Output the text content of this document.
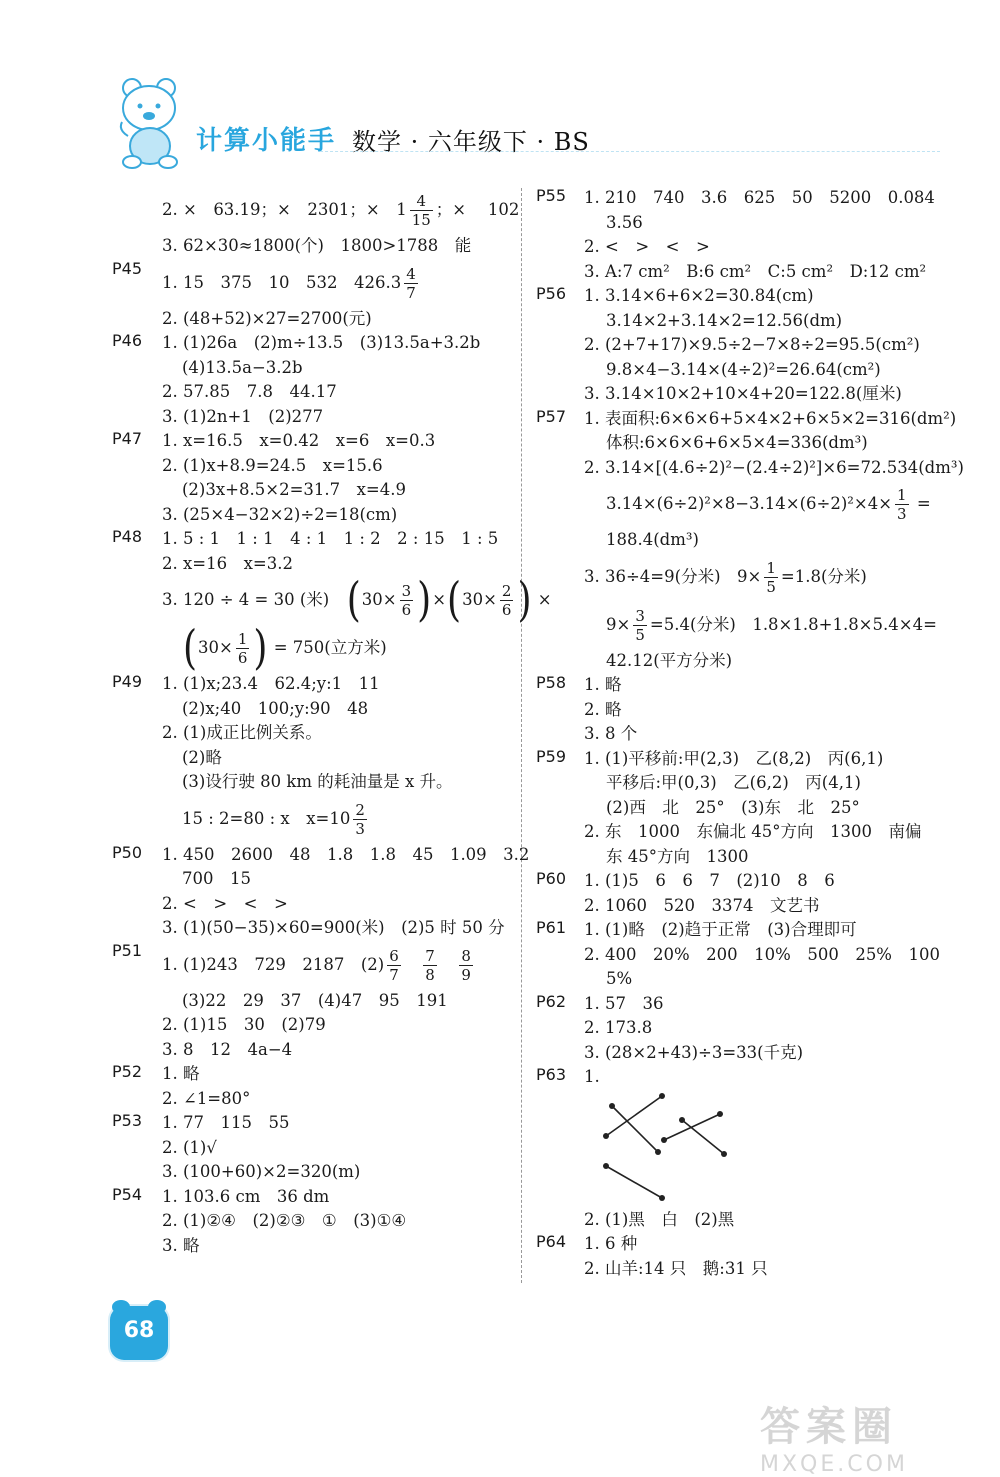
计算小能手 数学 · 六年级下 · BS
2. ×　63.19；×　2301；×　$1 \frac{4}{15}$ ；×　 102
3. 62×30≈1800(个)　1800>1788　能
P45
1. 15　375　10　532　$426.3 \frac{4}{7}$
2. (48+52)×27=2700(元)
P46	1. (1)26a　(2)m÷13.5　(3)13.5a+3.2b
(4)13.5a−3.2b
2. 57.85　7.8　44.17
3. (1)2n+1　(2)277
P47	1. x=16.5　x=0.42　x=6　x=0.3
2. (1)x+8.9=24.5　x=15.6
(2)3x+8.5×2=31.7　x=4.9
3. (25×4−32×2)÷2=18(cm)
P48	1. 5 : 1　1 : 1　4 : 1　1 : 2　2 : 15　1 : 5
2. x=16　x=3.2
3. 120 ÷ 4 = 30 (米)　 $(30\times \frac{3}{6} )\times(30\times \frac{2}{6}$ ) ×
($30\times \frac{1}{6}$ ) = 750(立方米)
P49	1. (1)x;23.4　62.4;y:1　11
(2)x;40　100;y:90　48
2. (1)成正比例关系。
(2)略
(3)设行驶 80 km 的耗油量是 x 升。
15 : 2=80 : x　$x=10 \frac{2}{3}$
P50	1. 450　2600　48　1.8　1.8　45　1.09　3.2
700　15
2. <　>　<　>
3. (1)(50−35)×60=900(米)　(2)5 时 50 分
P51
1. (1)243　729　2187　$(2) \frac{6}{7}$
　 $\frac{7}{8}$
　 $\frac{8}{9}$
(3)22　29　37　(4)47　95　191
2. (1)15　30　(2)79
3. 8　12　4a−4
P52	1. 略
2. ∠1=80°
P53	1. 77　115　55
2. (1)√
3. (100+60)×2=320(m)
P54	1. 103.6 cm　36 dm
2. (1)②④　(2)②③　①　(3)①④
3. 略
P55	1. 210　740　3.6　625　50　5200　0.084
3.56
2. <　>　<　>
3. A:7 cm²　B:6 cm²　C:5 cm²　D:12 cm²
P56	1. 3.14×6+6×2=30.84(cm)
3.14×2+3.14×2=12.56(dm)
2. (2+7+17)×9.5÷2−7×8÷2=95.5(cm²)
9.8×4−3.14×(4÷2)²=26.64(cm²)
3. 3.14×10×2+10×4+20=122.8(厘米)
P57	1. 表面积:6×6×6+5×4×2+6×5×2=316(dm²)
体积:6×6×6+6×5×4=336(dm³)
2. 3.14×[(4.6÷2)²−(2.4÷2)²]×6=72.534(dm³)
$3.14\times(6\div 2)^2\times 8-3.14\times(6\div 2)^2\times 4\times \frac{1}{3}$ =
188.4(dm³)
3. 36÷4=9(分米)　$9\times \frac{1}{5} =1.8$(分米)
$9\times \frac{3}{5} =5.4$(分米)　1.8×1.8+1.8×5.4×4=
42.12(平方分米)
P58	1. 略
2. 略
3. 8 个
P59	1. (1)平移前:甲(2,3)　乙(8,2)　丙(6,1)
平移后:甲(0,3)　乙(6,2)　丙(4,1)
(2)西　北　25°　(3)东　北　25°
2. 东　1000　东偏北 45°方向　1300　南偏
东 45°方向　1300
P60	1. (1)5　6　6　7　(2)10　8　6
2. 1060　520　3374　文艺书
P61	1. (1)略　(2)趋于正常　(3)合理即可
2. 400　20%　200　10%　500　25%　100
5%
P62	1. 57　36
2. 173.8
3. (28×2+43)÷3=33(千克)
P63	1.
2. (1)黑　白　(2)黑
P64	1. 6 种
2. 山羊:14 只　鹅:31 只
68
答案圈
MXQE.COM
